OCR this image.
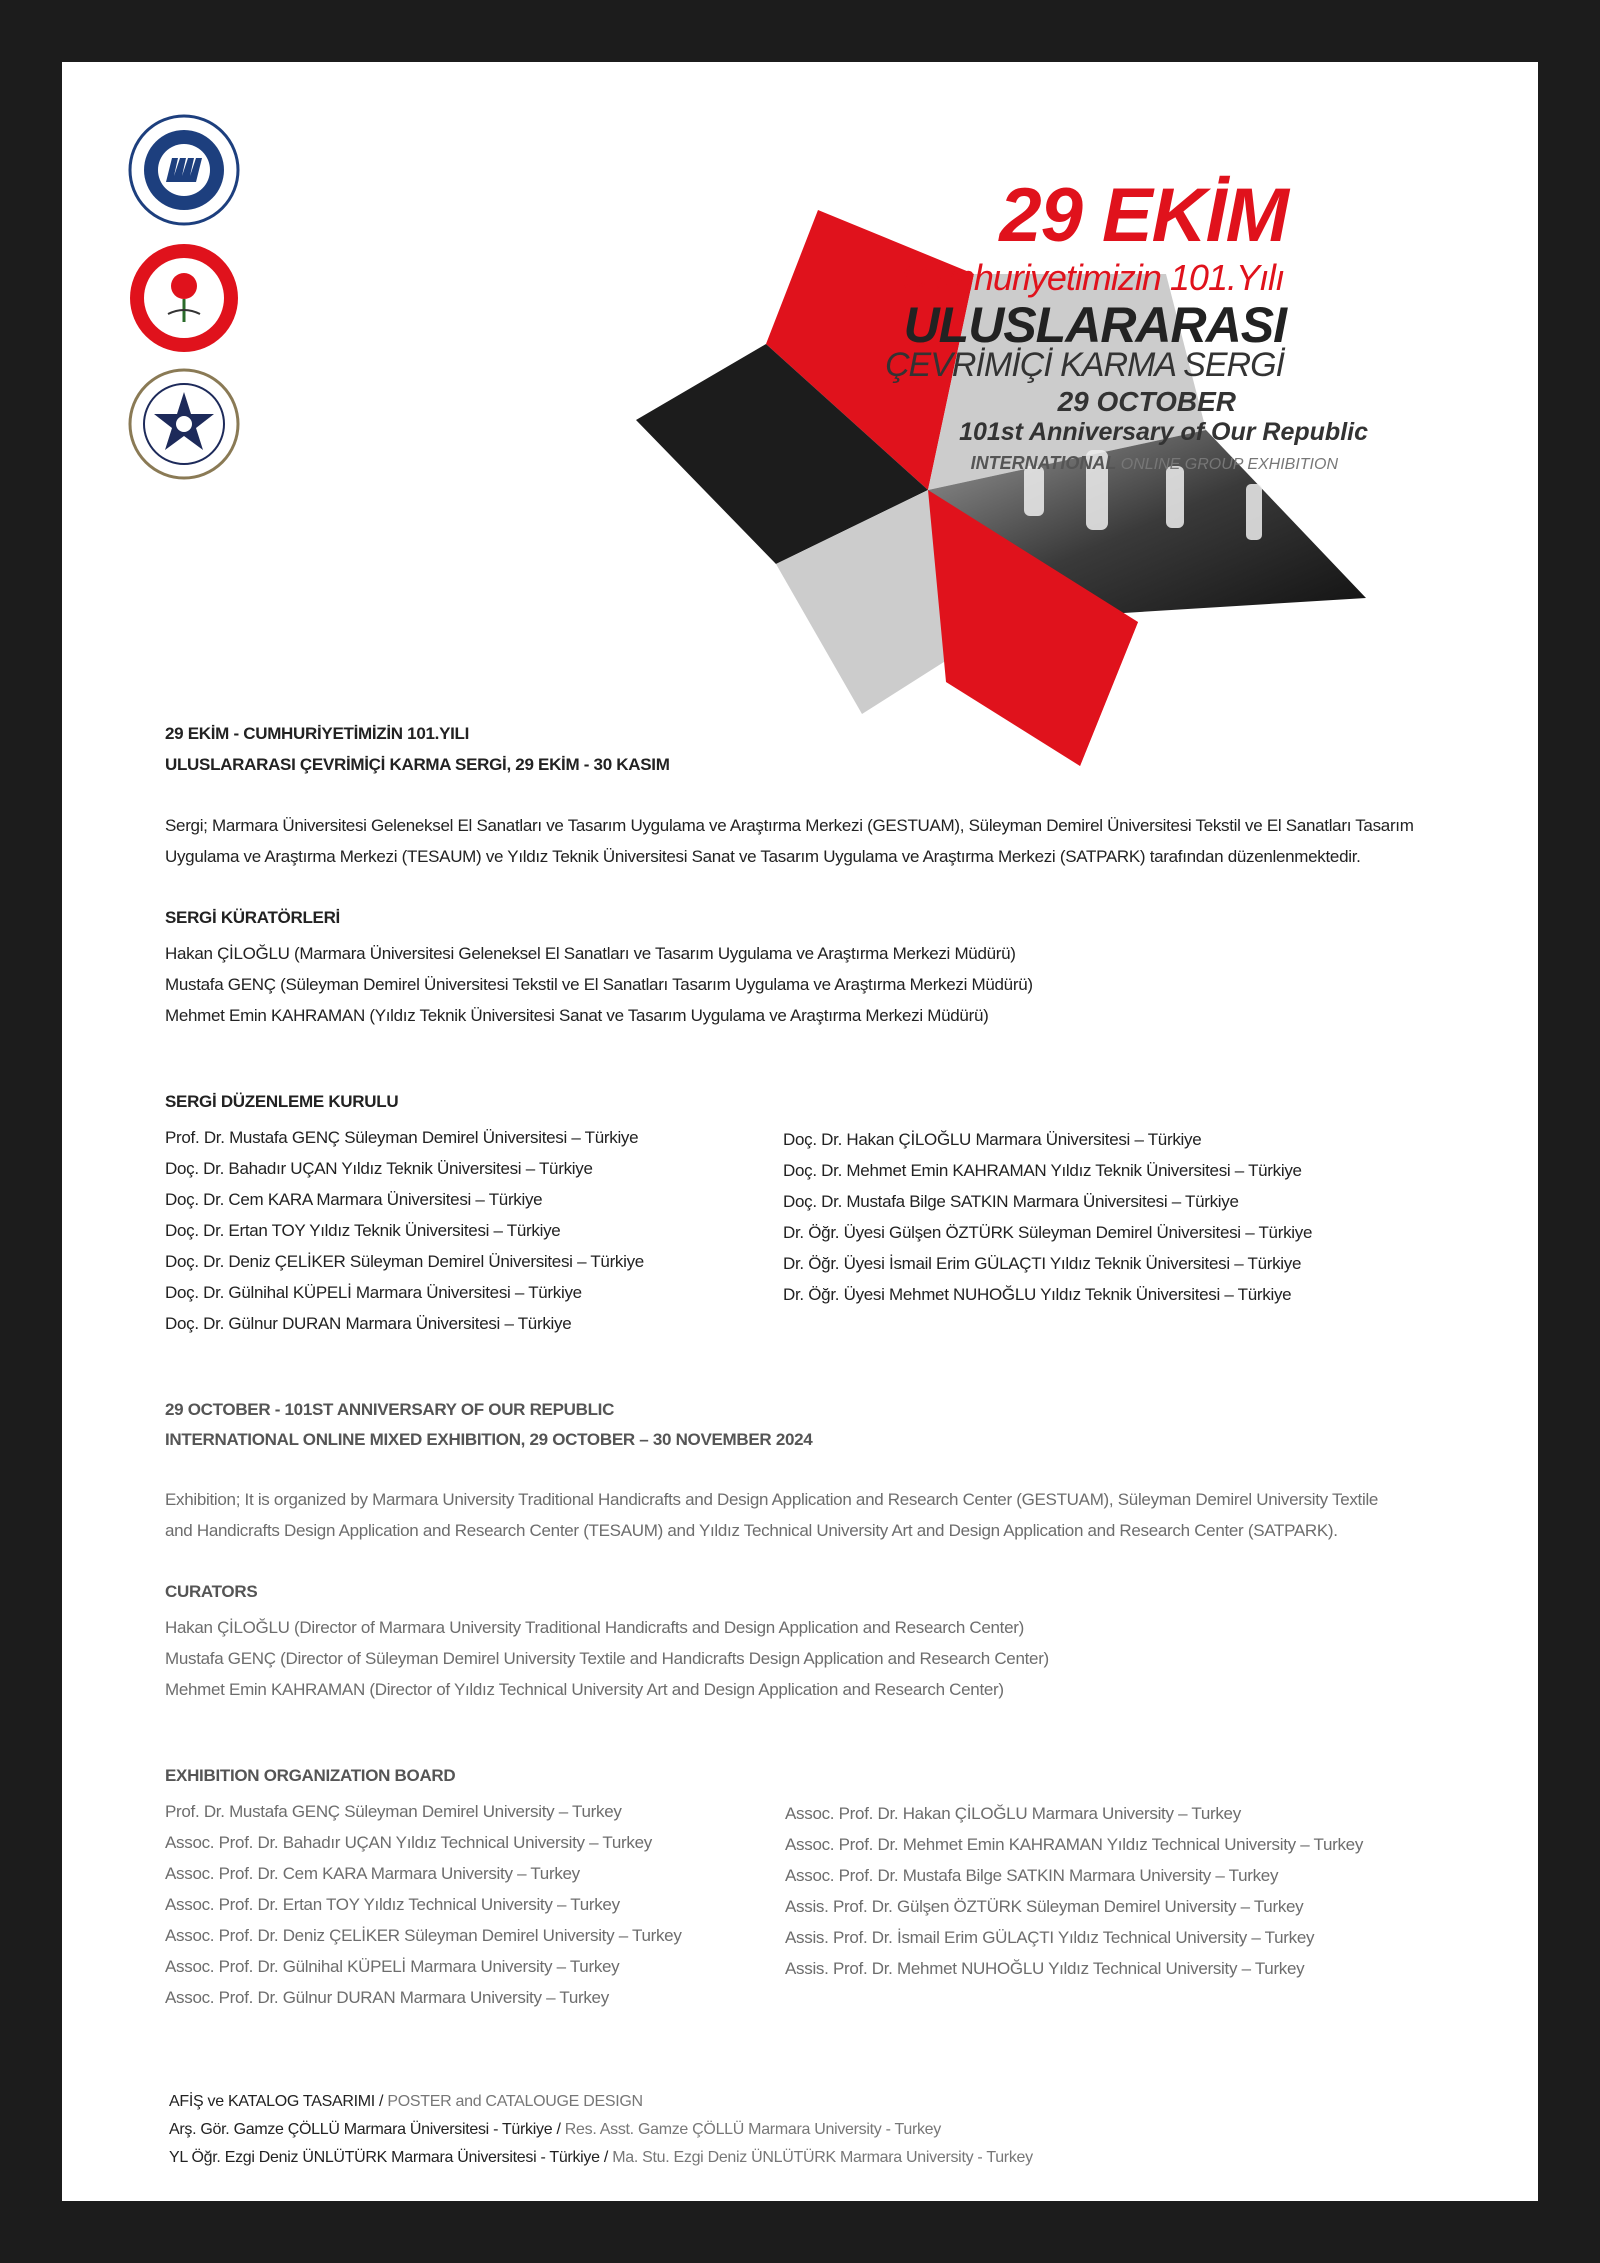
29 EKİM
Cumhuriyetimizin 101.Yılı
ULUSLARARASI
ÇEVRİMİÇİ KARMA SERGİ
29 OCTOBER
101st Anniversary of Our Republic
INTERNATIONAL ONLINE GROUP EXHIBITION
29 EKİM - CUMHURİYETİMİZİN 101.YILI
ULUSLARARASI ÇEVRİMİÇİ KARMA SERGİ, 29 EKİM - 30 KASIM
Sergi; Marmara Üniversitesi Geleneksel El Sanatları ve Tasarım Uygulama ve Araştırma Merkezi (GESTUAM), Süleyman Demirel Üniversitesi Tekstil ve El Sanatları Tasarım
Uygulama ve Araştırma Merkezi (TESAUM) ve Yıldız Teknik Üniversitesi Sanat ve Tasarım Uygulama ve Araştırma Merkezi (SATPARK) tarafından düzenlenmektedir.
SERGİ KÜRATÖRLERİ
Hakan ÇİLOĞLU (Marmara Üniversitesi Geleneksel El Sanatları ve Tasarım Uygulama ve Araştırma Merkezi Müdürü)
Mustafa GENÇ (Süleyman Demirel Üniversitesi Tekstil ve El Sanatları Tasarım Uygulama ve Araştırma Merkezi Müdürü)
Mehmet Emin KAHRAMAN (Yıldız Teknik Üniversitesi Sanat ve Tasarım Uygulama ve Araştırma Merkezi Müdürü)
SERGİ DÜZENLEME KURULU
Prof. Dr. Mustafa GENÇ Süleyman Demirel Üniversitesi – Türkiye
Doç. Dr. Bahadır UÇAN Yıldız Teknik Üniversitesi – Türkiye
Doç. Dr. Cem KARA Marmara Üniversitesi – Türkiye
Doç. Dr. Ertan TOY Yıldız Teknik Üniversitesi – Türkiye
Doç. Dr. Deniz ÇELİKER Süleyman Demirel Üniversitesi – Türkiye
Doç. Dr. Gülnihal KÜPELİ Marmara Üniversitesi – Türkiye
Doç. Dr. Gülnur DURAN Marmara Üniversitesi – Türkiye
Doç. Dr. Hakan ÇİLOĞLU Marmara Üniversitesi – Türkiye
Doç. Dr. Mehmet Emin KAHRAMAN Yıldız Teknik Üniversitesi – Türkiye
Doç. Dr. Mustafa Bilge SATKIN Marmara Üniversitesi – Türkiye
Dr. Öğr. Üyesi Gülşen ÖZTÜRK Süleyman Demirel Üniversitesi – Türkiye
Dr. Öğr. Üyesi İsmail Erim GÜLAÇTI Yıldız Teknik Üniversitesi – Türkiye
Dr. Öğr. Üyesi Mehmet NUHOĞLU Yıldız Teknik Üniversitesi – Türkiye
29 OCTOBER - 101ST ANNIVERSARY OF OUR REPUBLIC
INTERNATIONAL ONLINE MIXED EXHIBITION, 29 OCTOBER – 30 NOVEMBER 2024
Exhibition; It is organized by Marmara University Traditional Handicrafts and Design Application and Research Center (GESTUAM), Süleyman Demirel University Textile
and Handicrafts Design Application and Research Center (TESAUM) and Yıldız Technical University Art and Design Application and Research Center (SATPARK).
CURATORS
Hakan ÇİLOĞLU (Director of Marmara University Traditional Handicrafts and Design Application and Research Center)
Mustafa GENÇ (Director of Süleyman Demirel University Textile and Handicrafts Design Application and Research Center)
Mehmet Emin KAHRAMAN (Director of Yıldız Technical University Art and Design Application and Research Center)
EXHIBITION ORGANIZATION BOARD
Prof. Dr. Mustafa GENÇ Süleyman Demirel University – Turkey
Assoc. Prof. Dr. Bahadır UÇAN Yıldız Technical University – Turkey
Assoc. Prof. Dr. Cem KARA Marmara University – Turkey
Assoc. Prof. Dr. Ertan TOY Yıldız Technical University – Turkey
Assoc. Prof. Dr. Deniz ÇELİKER Süleyman Demirel University – Turkey
Assoc. Prof. Dr. Gülnihal KÜPELİ Marmara University – Turkey
Assoc. Prof. Dr. Gülnur DURAN Marmara University – Turkey
Assoc. Prof. Dr. Hakan ÇİLOĞLU Marmara University – Turkey
Assoc. Prof. Dr. Mehmet Emin KAHRAMAN Yıldız Technical University – Turkey
Assoc. Prof. Dr. Mustafa Bilge SATKIN Marmara University – Turkey
Assis. Prof. Dr. Gülşen ÖZTÜRK Süleyman Demirel University – Turkey
Assis. Prof. Dr. İsmail Erim GÜLAÇTI Yıldız Technical University – Turkey
Assis. Prof. Dr. Mehmet NUHOĞLU Yıldız Technical University – Turkey
AFİŞ ve KATALOG TASARIMI / POSTER and CATALOUGE DESIGN
Arş. Gör. Gamze ÇÖLLÜ Marmara Üniversitesi - Türkiye / Res. Asst. Gamze ÇÖLLÜ Marmara University - Turkey
YL Öğr. Ezgi Deniz ÜNLÜTÜRK Marmara Üniversitesi - Türkiye / Ma. Stu. Ezgi Deniz ÜNLÜTÜRK Marmara University - Turkey
